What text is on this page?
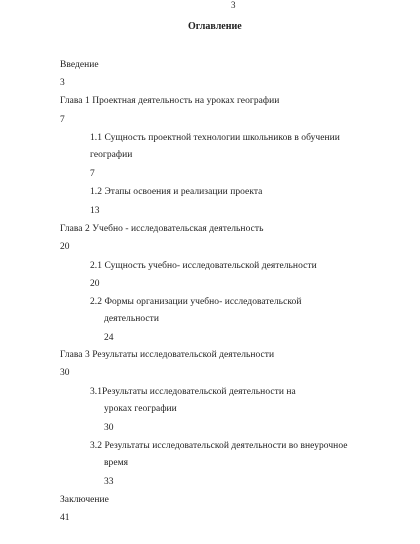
3
Оглавление
Введение
3
Глава 1 Проектная деятельность на уроках географии
7
1.1 Сущность проектной технологии школьников в обучении
географии
7
1.2 Этапы освоения и реализации проекта
13
Глава 2 Учебно - исследовательская деятельность
20
2.1 Сущность учебно- исследовательской деятельности
20
2.2 Формы организации учебно- исследовательской
деятельности
24
Глава 3 Результаты исследовательской деятельности
30
3.1Результаты исследовательской деятельности на
уроках географии
30
3.2 Результаты исследовательской деятельности во внеурочное
время
33
Заключение
41
